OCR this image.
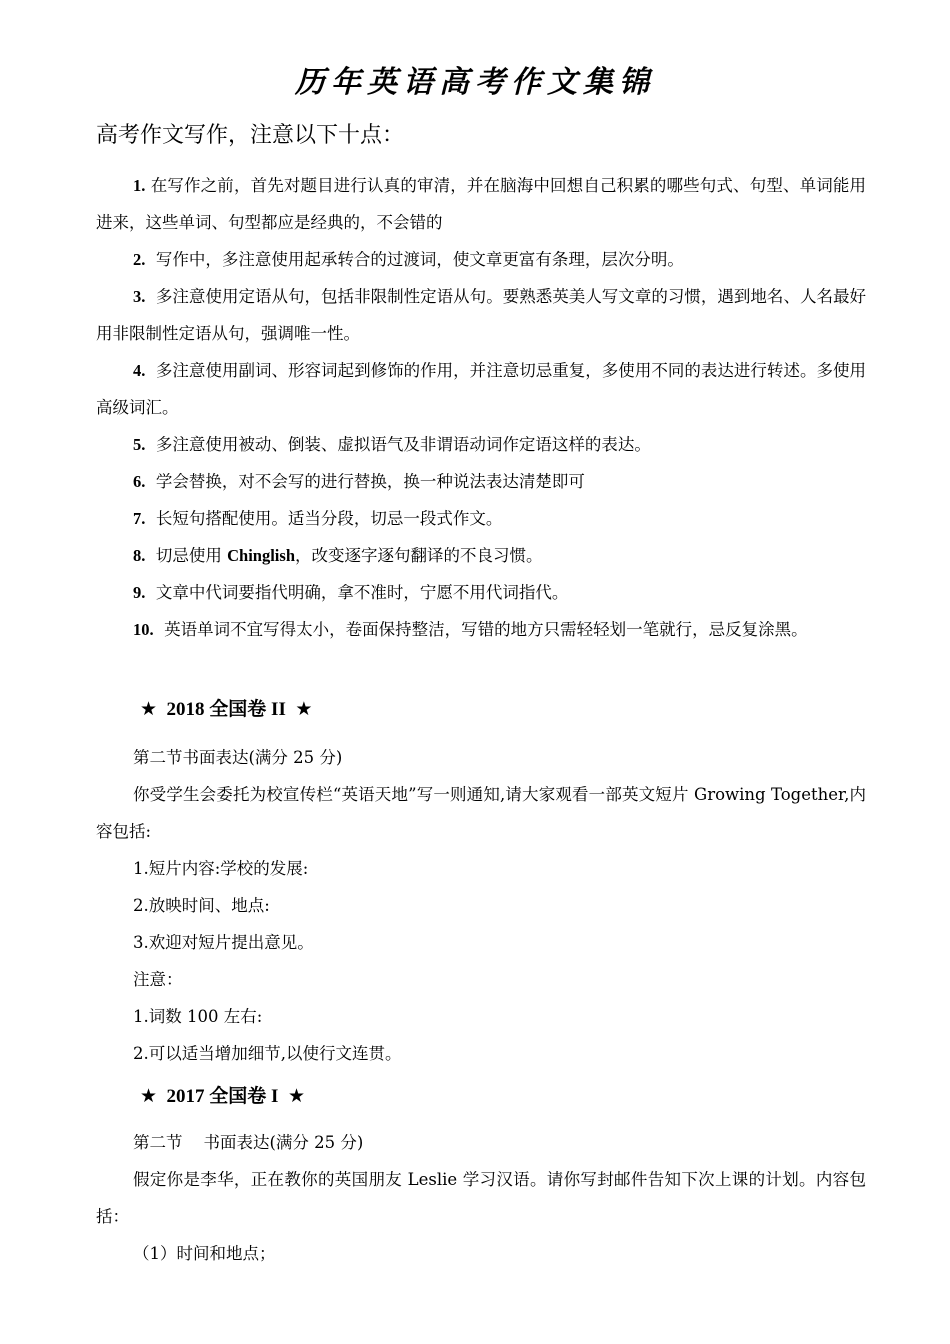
历年英语高考作文集锦
高考作文写作，注意以下十点：

1. 在写作之前，首先对题目进行认真的审清，并在脑海中回想自己积累的哪些句式、句型、单词能用进来，这些单词、句型都应是经典的，不会错的

2. 写作中，多注意使用起承转合的过渡词，使文章更富有条理，层次分明。

3. 多注意使用定语从句，包括非限制性定语从句。要熟悉英美人写文章的习惯，遇到地名、人名最好用非限制性定语从句，强调唯一性。

4. 多注意使用副词、形容词起到修饰的作用，并注意切忌重复，多使用不同的表达进行转述。多使用高级词汇。

5. 多注意使用被动、倒装、虚拟语气及非谓语动词作定语这样的表达。

6. 学会替换，对不会写的进行替换，换一种说法表达清楚即可

7. 长短句搭配使用。适当分段，切忌一段式作文。

8. 切忌使用 Chinglish，改变逐字逐句翻译的不良习惯。

9. 文章中代词要指代明确，拿不准时，宁愿不用代词指代。

10. 英语单词不宜写得太小，卷面保持整洁，写错的地方只需轻轻划一笔就行，忌反复涂黑。

★ 2018 全国卷 II ★

第二节书面表达(满分 25 分)

你受学生会委托为校宣传栏“英语天地”写一则通知,请大家观看一部英文短片 Growing Together,内容包括:

1.短片内容:学校的发展:

2.放映时间、地点:

3.欢迎对短片提出意见。

注意：

1.词数 100 左右:

2.可以适当增加细节,以使行文连贯。

★ 2017 全国卷 I ★

第二节    书面表达(满分 25 分)

假定你是李华，正在教你的英国朋友 Leslie 学习汉语。请你写封邮件告知下次上课的计划。内容包括：

（1）时间和地点；
